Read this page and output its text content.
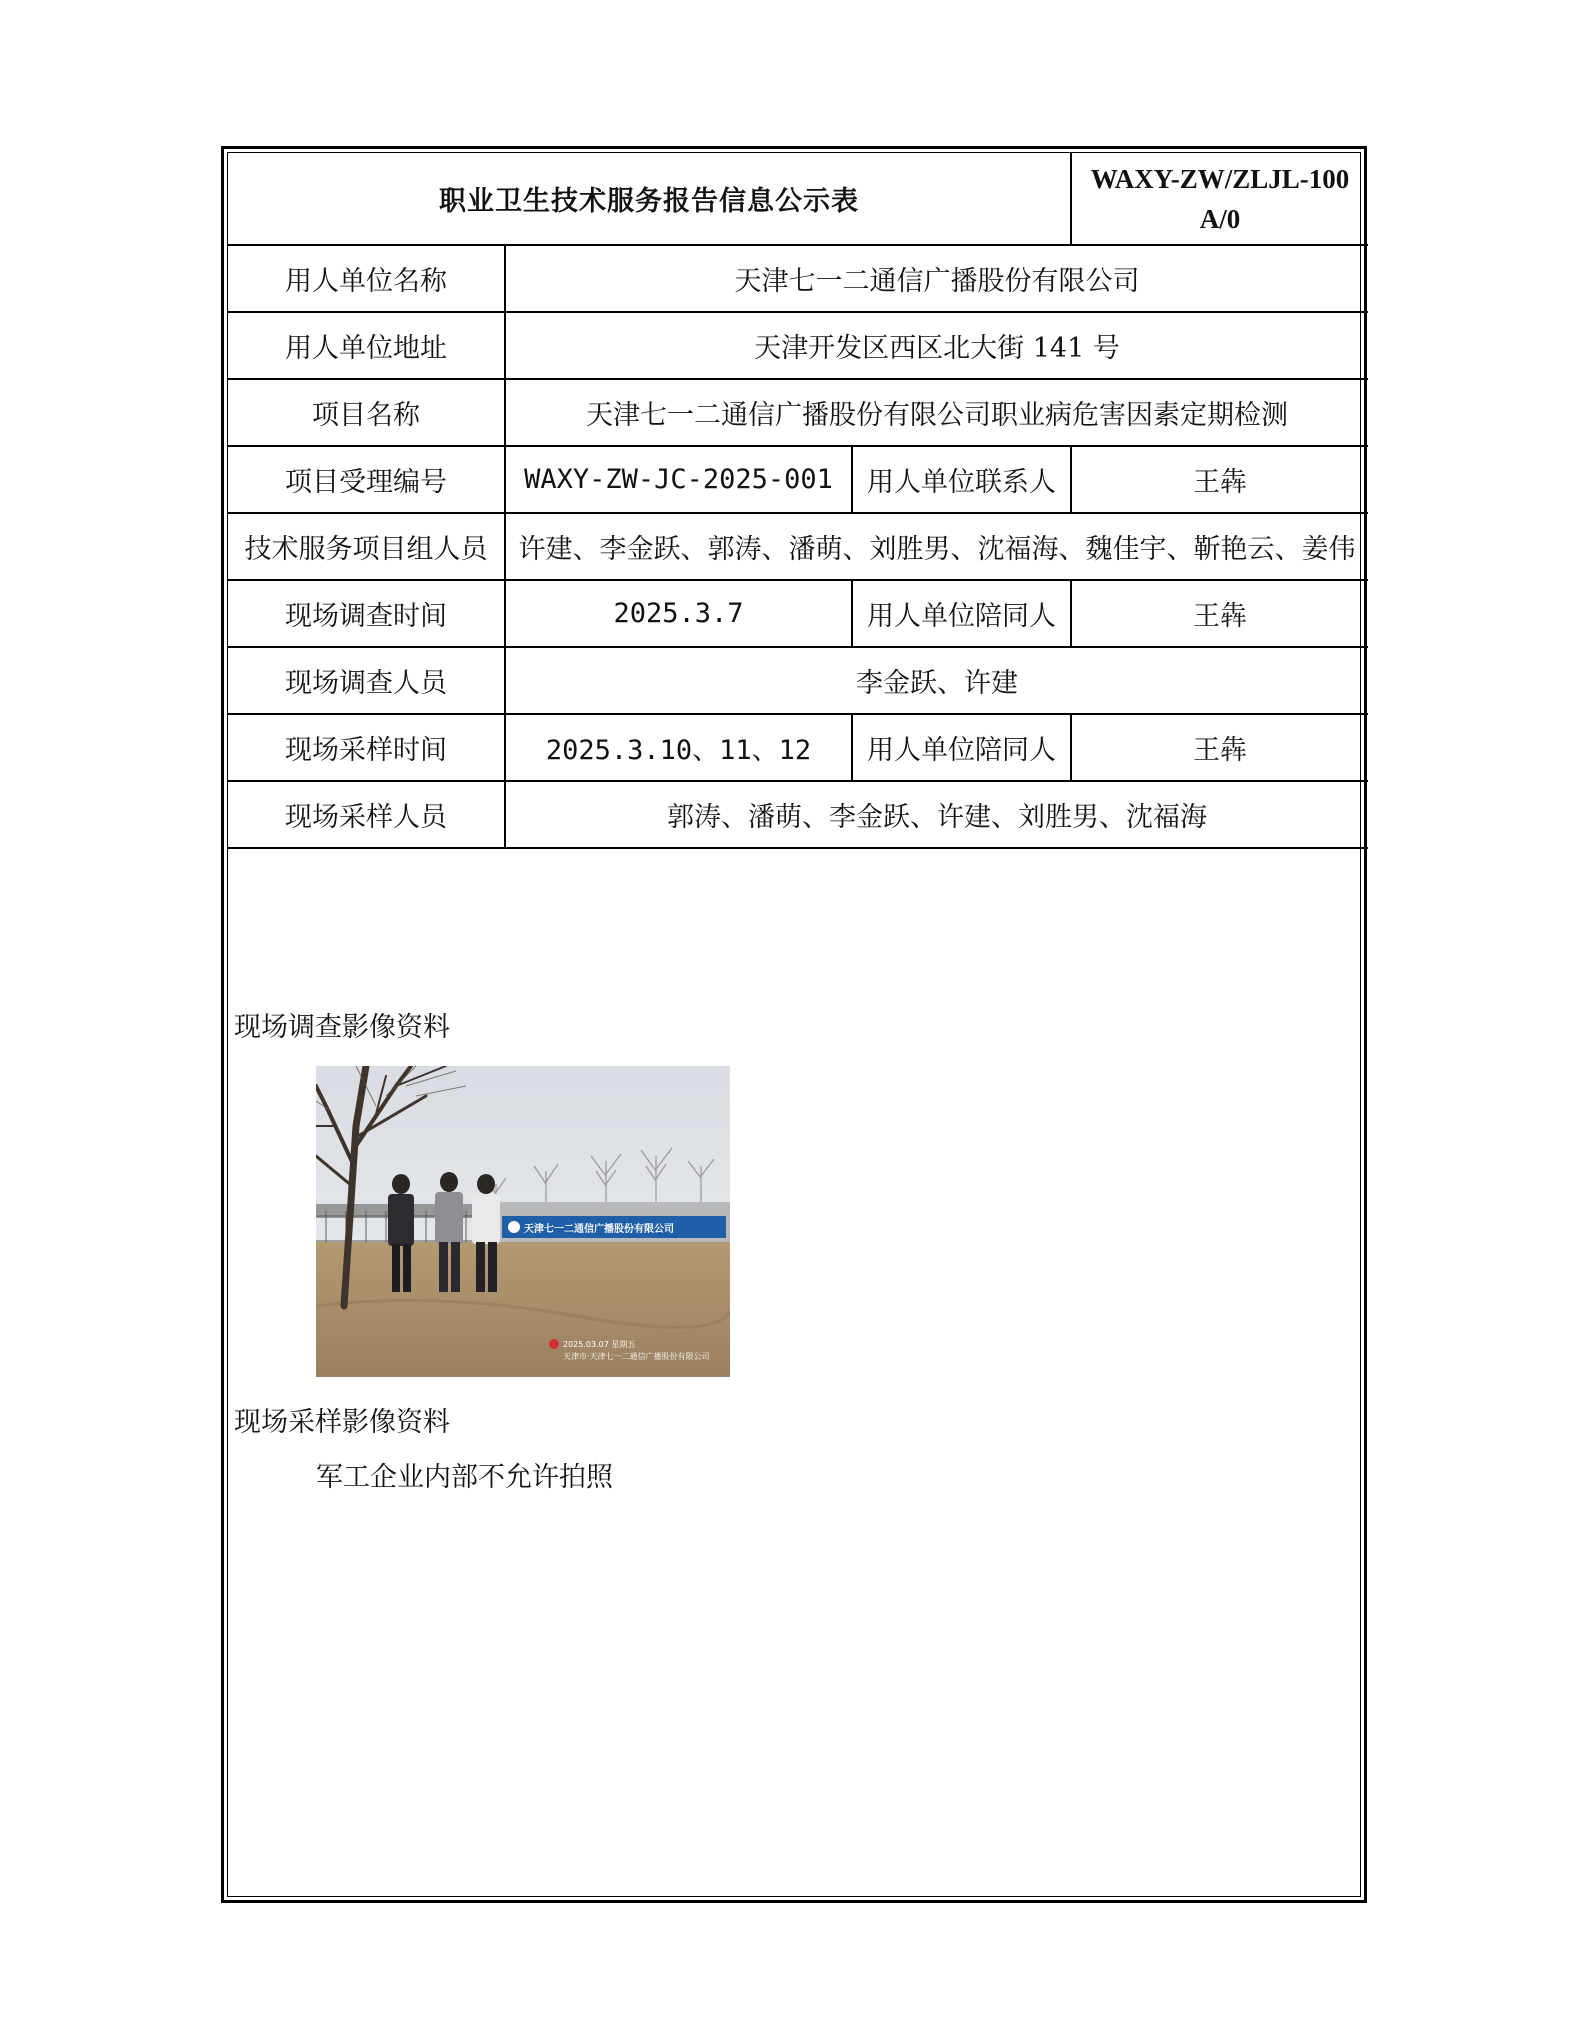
职业卫生技术服务报告信息公示表			WAXY-ZW/ZLJL-100
A/0

用人单位名称	天津七一二通信广播股份有限公司		
用人单位地址	天津开发区西区北大街 141 号		
项目名称	天津七一二通信广播股份有限公司职业病危害因素定期检测		
项目受理编号	WAXY-ZW-JC-2025-001	用人单位联系人	王犇
技术服务项目组人员	许建、李金跃、郭涛、潘萌、刘胜男、沈福海、魏佳宇、靳艳云、姜伟		
现场调查时间	2025.3.7	用人单位陪同人	王犇
现场调查人员	李金跃、许建		
现场采样时间	2025.3.10、11、12	用人单位陪同人	王犇
现场采样人员	郭涛、潘萌、李金跃、许建、刘胜男、沈福海		
现场调查影像资料
天津七一二通信广播股份有限公司
2025.03.07 星期五
天津市·天津七一二通信广播股份有限公司
现场采样影像资料
军工企业内部不允许拍照
